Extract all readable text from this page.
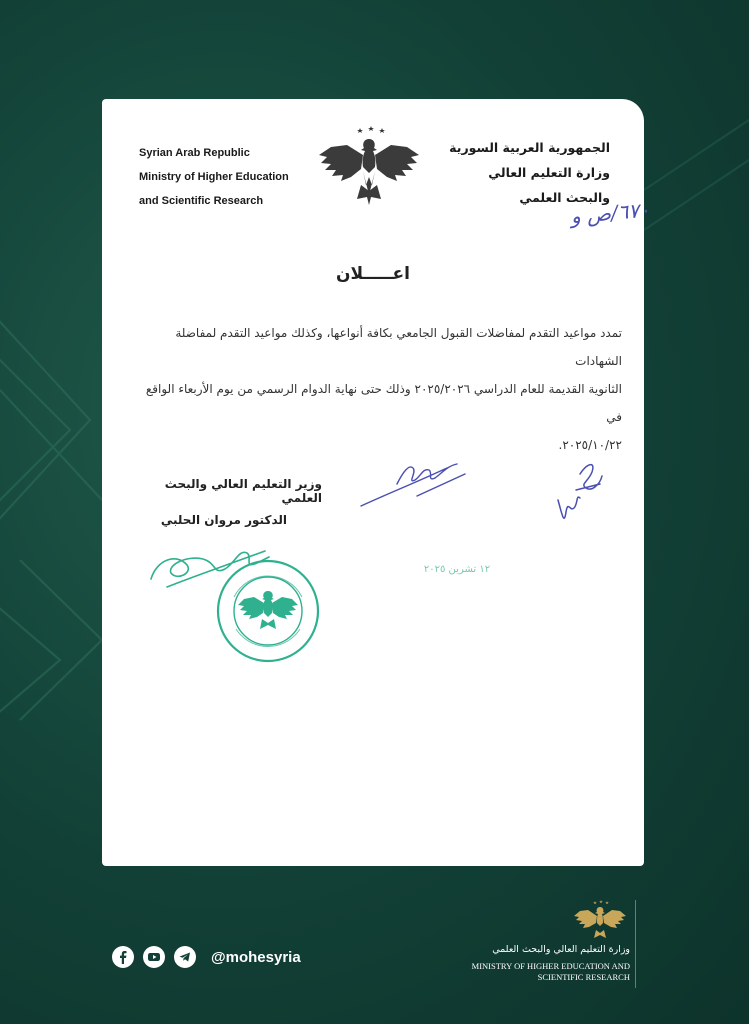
Syrian Arab Republic
Ministry of Higher Education
and Scientific Research
الجمهورية العربية السورية
وزارة التعليم العالي
والبحث العلمي
٦٧٠/ص و
اعـــــلان
تمدد مواعيد التقدم لمفاضلات القبول الجامعي بكافة أنواعها، وكذلك مواعيد التقدم لمفاضلة الشهادات
الثانوية القديمة للعام الدراسي ٢٠٢٥/٢٠٢٦ وذلك حتى نهاية الدوام الرسمي من يوم الأربعاء الواقع في
٢٠٢٥/١٠/٢٢.
وزير التعليم العالي والبحث العلمي
الدكتور مروان الحلبي
١٢ تشرين ٢٠٢٥
@mohesyria	وزارة التعليم العالي والبحث العلمي
MINISTRY OF HIGHER EDUCATION AND
SCIENTIFIC RESEARCH
